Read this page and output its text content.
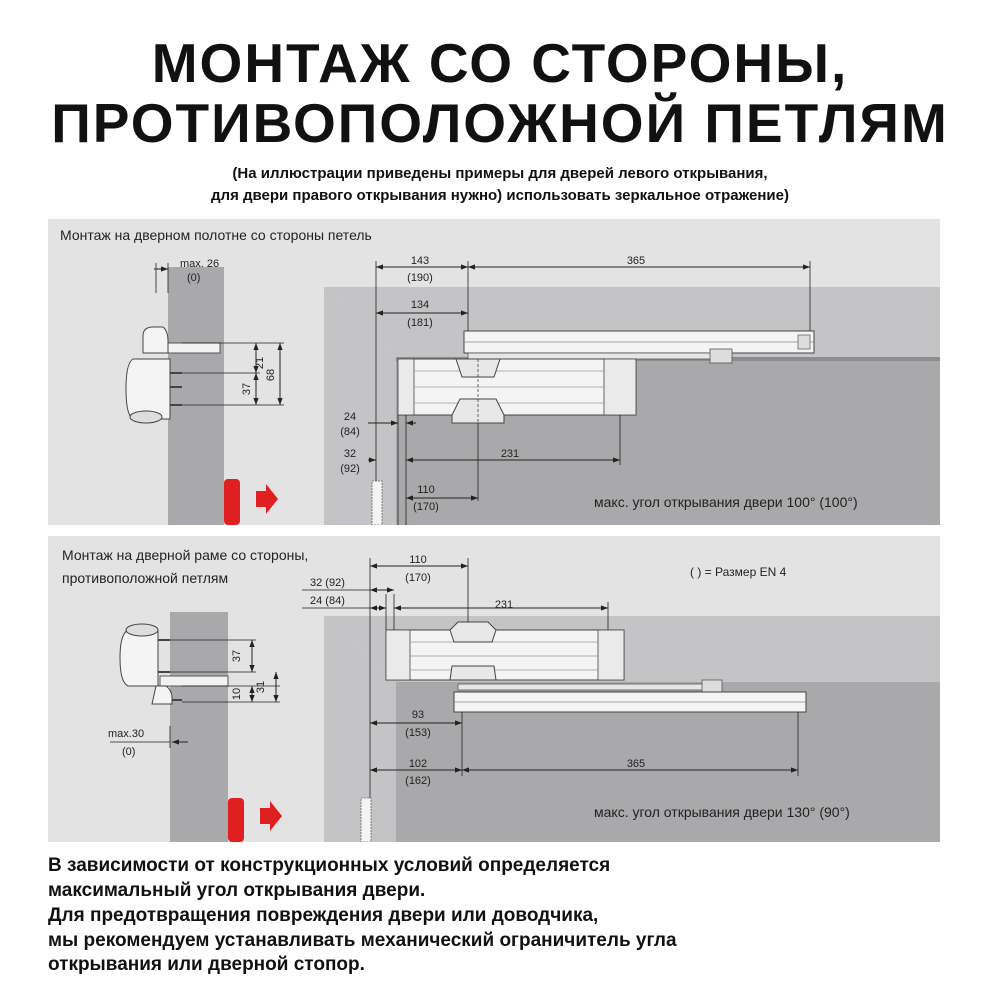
МОНТАЖ СО СТОРОНЫ,
ПРОТИВОПОЛОЖНОЙ ПЕТЛЯМ
(На иллюстрации приведены примеры для дверей левого открывания,
для двери правого открывания нужно) использовать зеркальное отражение)
Монтаж на дверном полотне со стороны петель
max. 26
(0)
21
37
68
143
(190)
365
134
(181)
24
(84)
32
(92)
231
110
(170)	макс. угол открывания двери 100° (100°)
Монтаж на дверной раме со стороны,
противоположной петлям	( ) = Размер EN 4
37
10
31
max.30
(0)
110
(170)
32 (92)
24 (84)	231
93
(153)
102
(162)
365
макс. угол открывания двери 130° (90°)
В зависимости от конструкционных условий определяется
максимальный угол открывания двери.
Для предотвращения повреждения двери или доводчика,
мы рекомендуем устанавливать механический ограничитель угла
открывания или дверной стопор.
